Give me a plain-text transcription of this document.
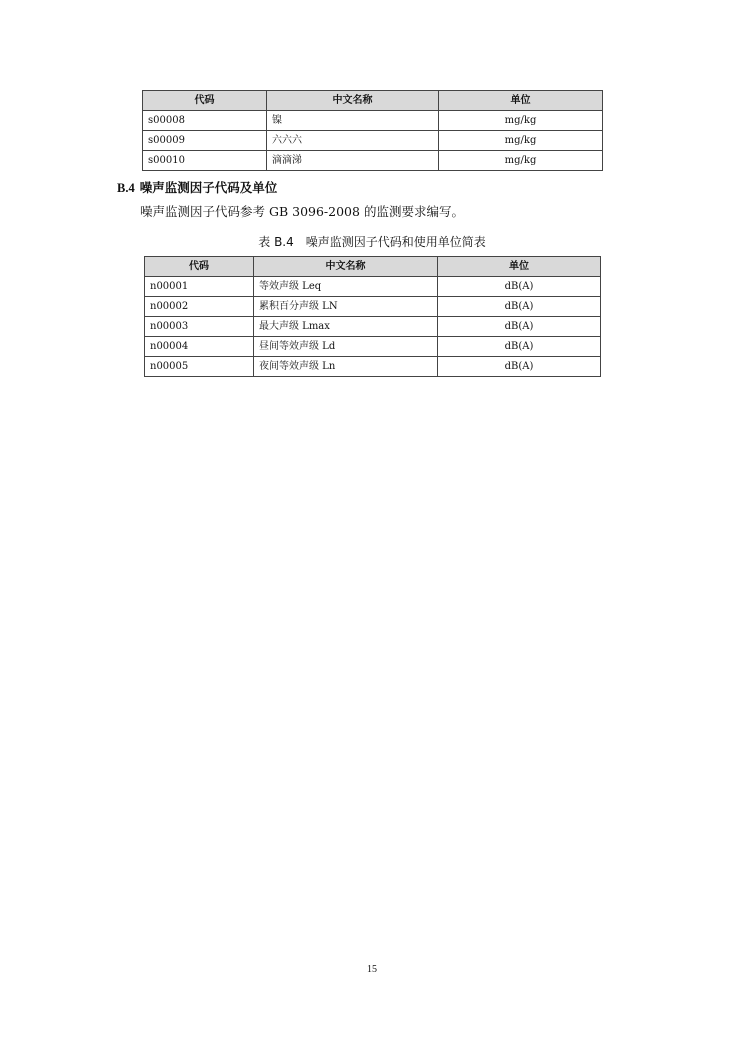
代码	中文名称	单位
s00008	镍	mg/kg
s00009	六六六	mg/kg
s00010	滴滴涕	mg/kg
B.4 噪声监测因子代码及单位
噪声监测因子代码参考 GB 3096-2008 的监测要求编写。
表 B.4　噪声监测因子代码和使用单位简表
代码	中文名称	单位
n00001	等效声级 Leq	dB(A)
n00002	累积百分声级 LN	dB(A)
n00003	最大声级 Lmax	dB(A)
n00004	昼间等效声级 Ld	dB(A)
n00005	夜间等效声级 Ln	dB(A)
15
